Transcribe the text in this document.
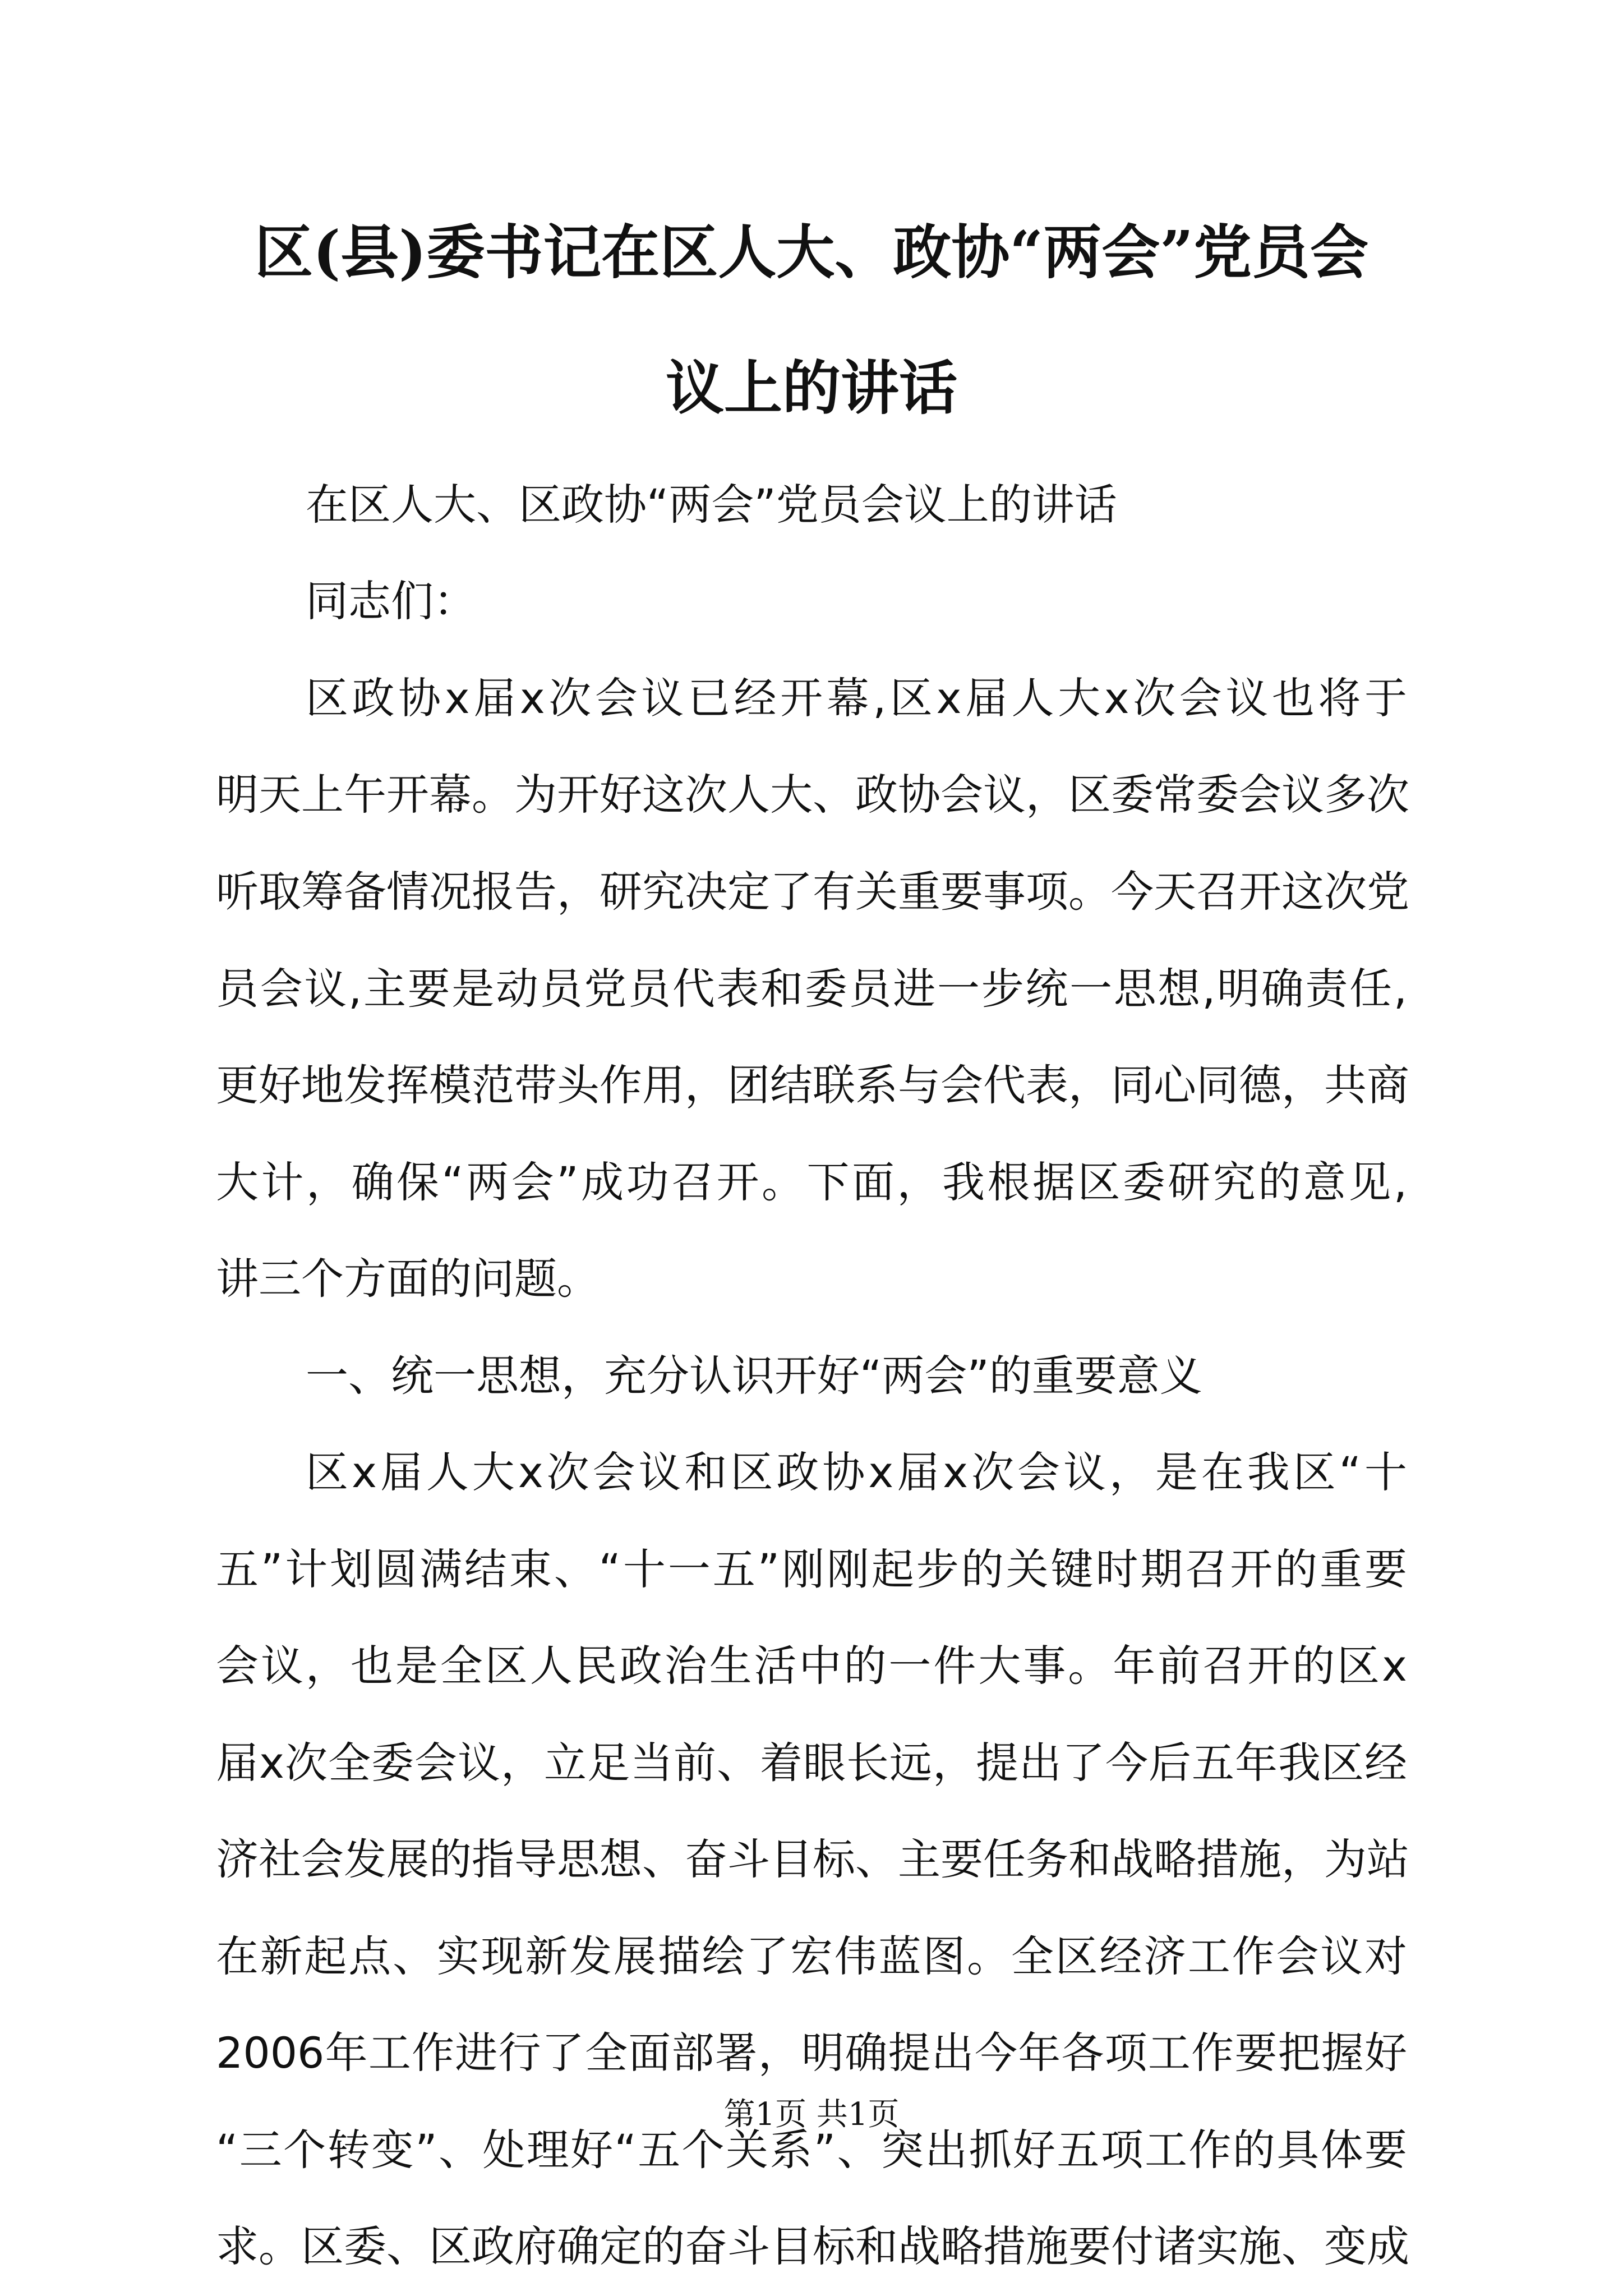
区(县)委书记在区人大、政协“两会”党员会
议上的讲话

在区人大、区政协“两会”党员会议上的讲话

同志们：

区政协x届x次会议已经开幕,区x届人大x次会议也将于

明天上午开幕。为开好这次人大、政协会议，区委常委会议多次

听取筹备情况报告，研究决定了有关重要事项。今天召开这次党

员会议,主要是动员党员代表和委员进一步统一思想,明确责任,

更好地发挥模范带头作用，团结联系与会代表，同心同德，共商

大计，确保“两会”成功召开。下面，我根据区委研究的意见,

讲三个方面的问题。

一、统一思想，充分认识开好“两会”的重要意义

区x届人大x次会议和区政协x届x次会议，是在我区“十

五”计划圆满结束、“十一五”刚刚起步的关键时期召开的重要

会议，也是全区人民政治生活中的一件大事。年前召开的区x

届x次全委会议，立足当前、着眼长远，提出了今后五年我区经

济社会发展的指导思想、奋斗目标、主要任务和战略措施，为站

在新起点、实现新发展描绘了宏伟蓝图。全区经济工作会议对

2006年工作进行了全面部署，明确提出今年各项工作要把握好

“三个转变”、处理好“五个关系”、突出抓好五项工作的具体要

求。区委、区政府确定的奋斗目标和战略措施要付诸实施、变成

第1页 共1页
